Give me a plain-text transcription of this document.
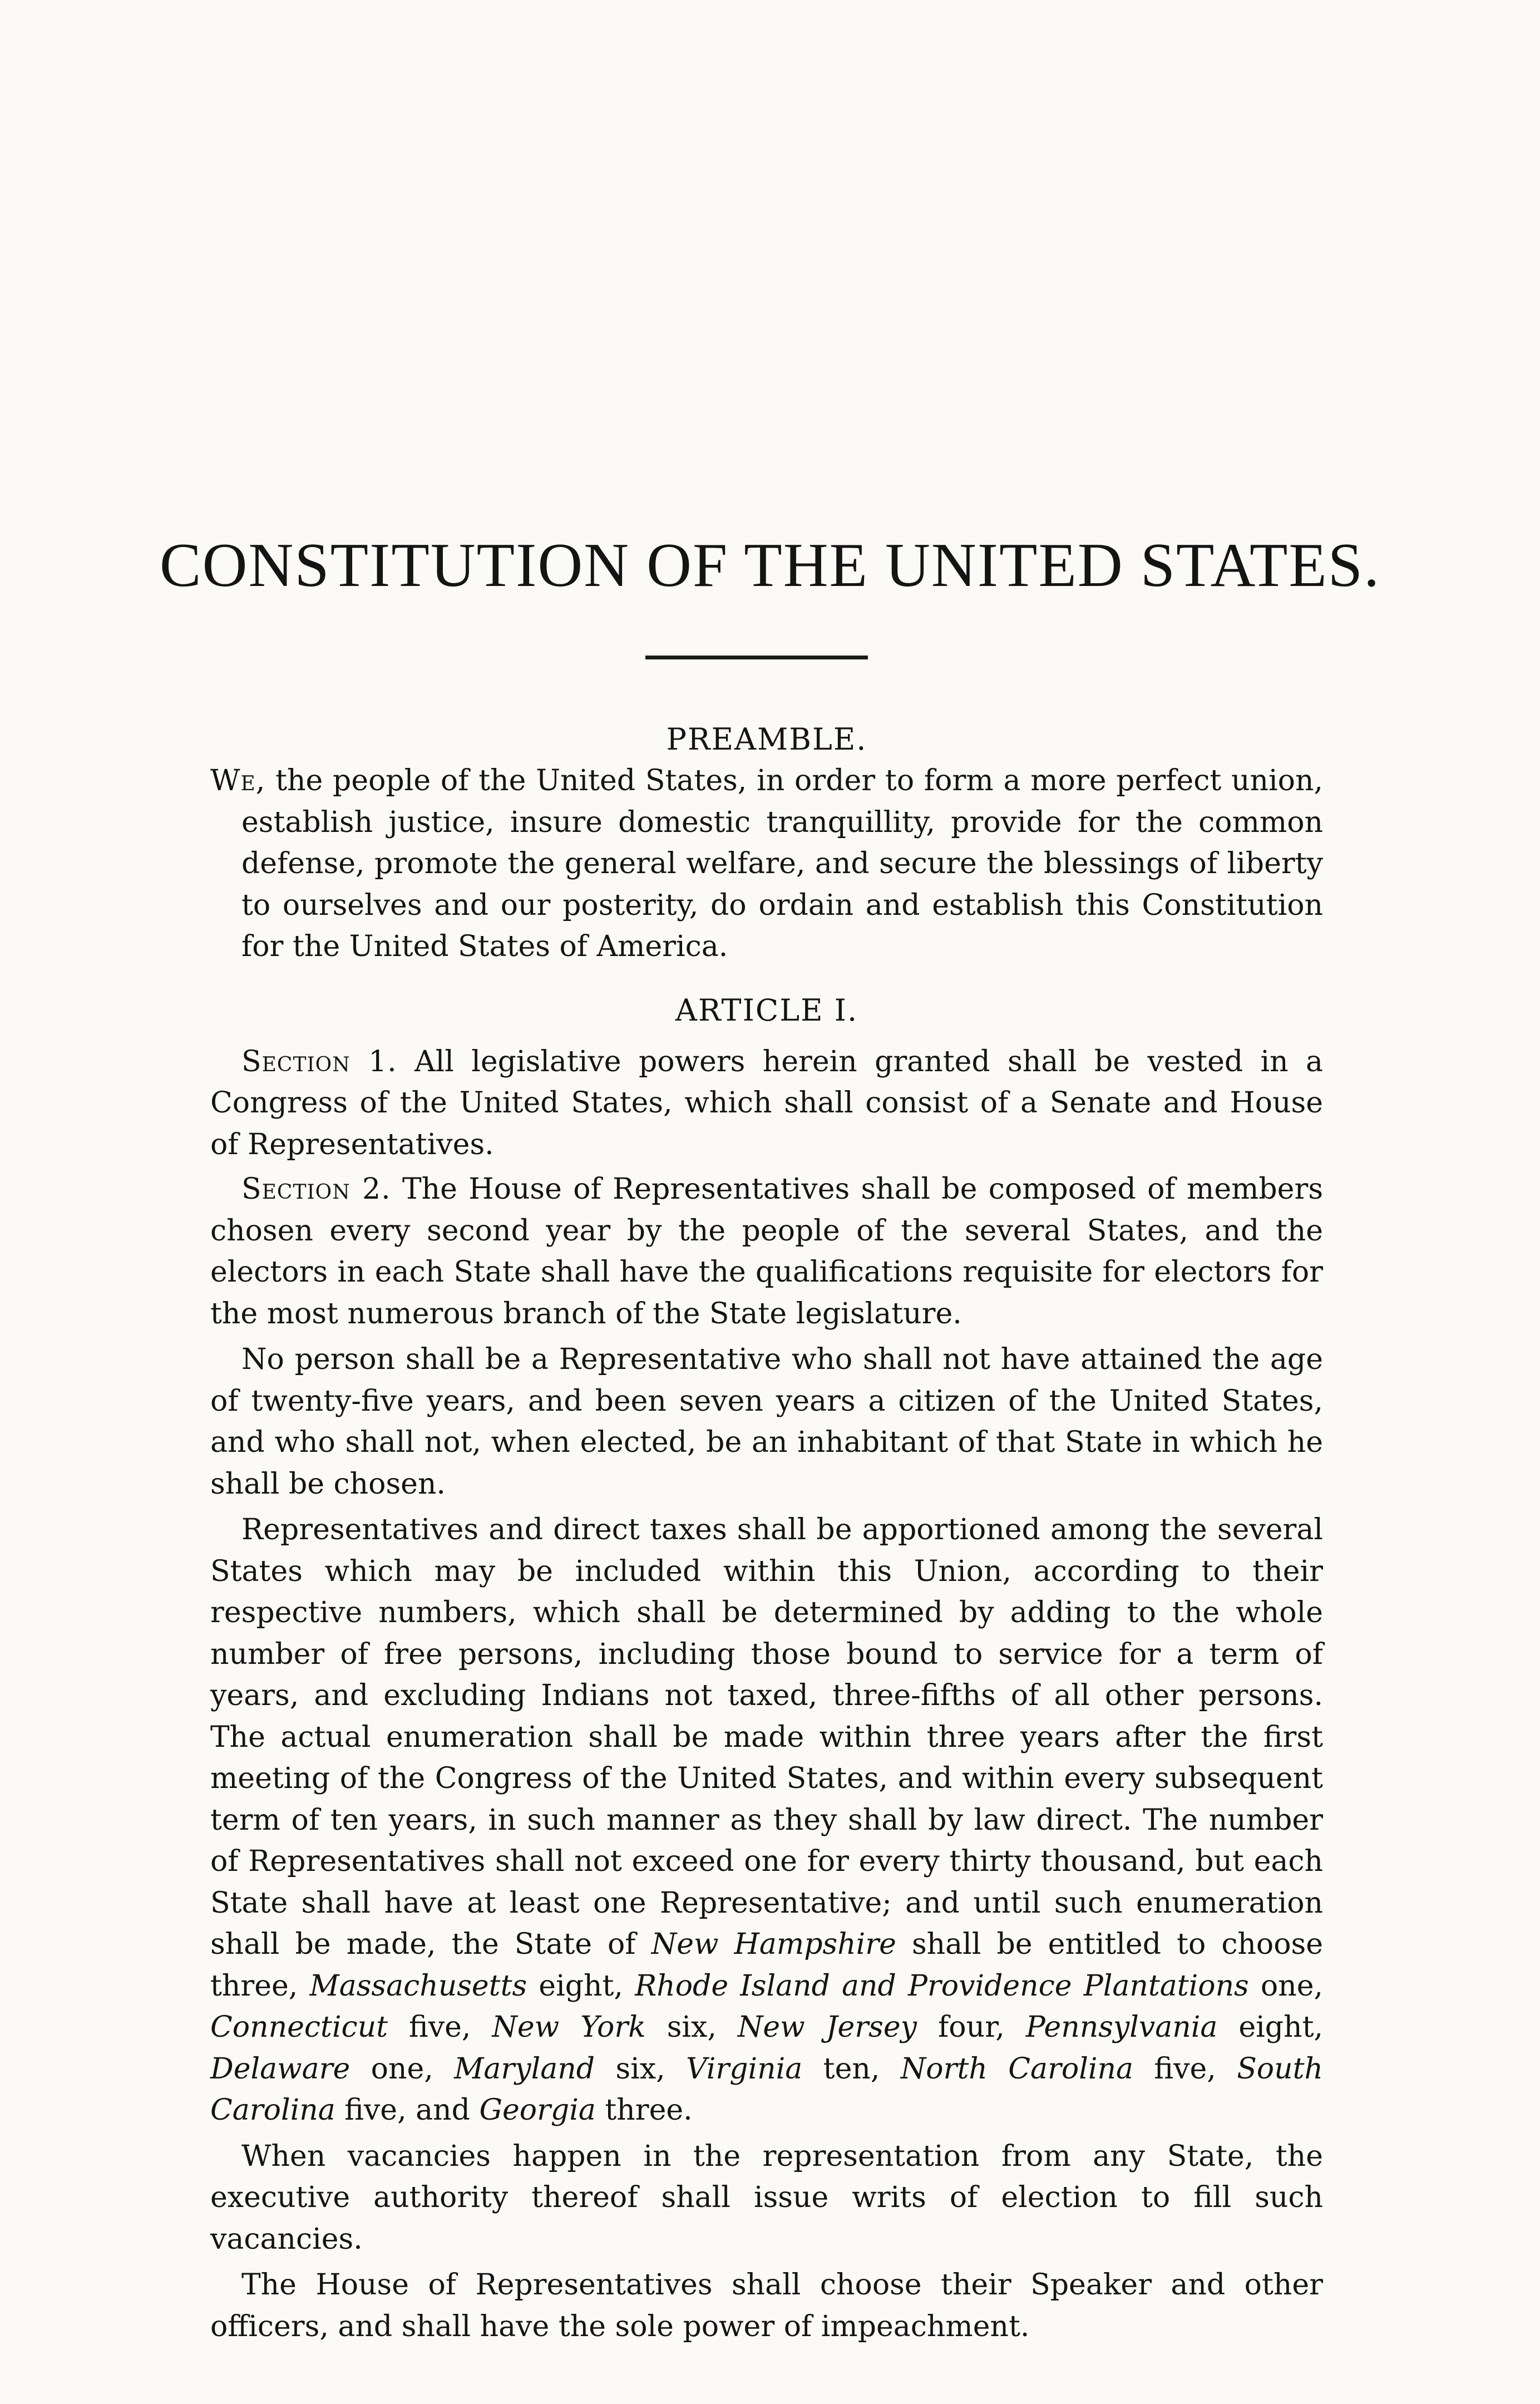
CONSTITUTION OF THE UNITED STATES.
PREAMBLE.

We, the people of the United States, in order to form a more perfect union, establish justice, insure domestic tranquillity, provide for the common defense, promote the general welfare, and secure the blessings of liberty to ourselves and our posterity, do ordain and establish this Constitution for the United States of America.

ARTICLE I.

Section 1. All legislative powers herein granted shall be vested in a Congress of the United States, which shall consist of a Senate and House of Representatives.

Section 2. The House of Representatives shall be composed of members chosen every second year by the people of the several States, and the electors in each State shall have the qualifications requisite for electors for the most numerous branch of the State legislature.

No person shall be a Representative who shall not have attained the age of twenty-five years, and been seven years a citizen of the United States, and who shall not, when elected, be an inhabitant of that State in which he shall be chosen.

Representatives and direct taxes shall be apportioned among the several States which may be included within this Union, according to their respective numbers, which shall be determined by adding to the whole number of free persons, including those bound to service for a term of years, and excluding Indians not taxed, three-fifths of all other persons. The actual enumeration shall be made within three years after the first meeting of the Congress of the United States, and within every subsequent term of ten years, in such manner as they shall by law direct. The number of Representatives shall not exceed one for every thirty thousand, but each State shall have at least one Representative; and until such enumeration shall be made, the State of New Hampshire shall be entitled to choose three, Massachusetts eight, Rhode Island and Providence Plantations one, Connecticut five, New York six, New Jersey four, Pennsylvania eight, Delaware one, Maryland six, Virginia ten, North Carolina five, South Carolina five, and Georgia three.

When vacancies happen in the representation from any State, the executive authority thereof shall issue writs of election to fill such vacancies.

The House of Representatives shall choose their Speaker and other officers, and shall have the sole power of impeachment.
